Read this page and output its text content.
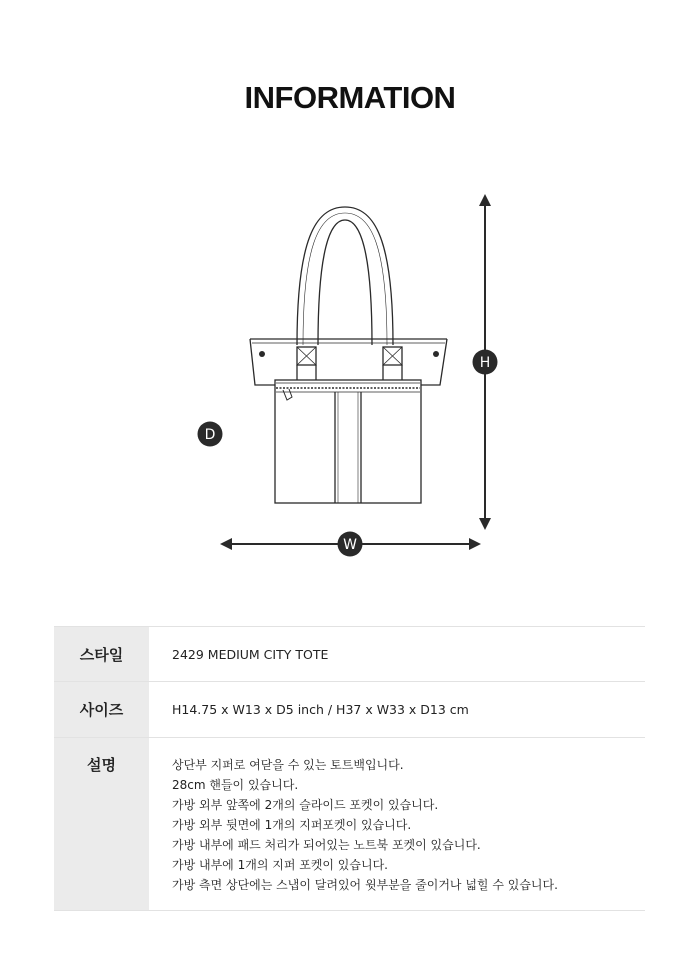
INFORMATION
H
W
D
스타일	2429 MEDIUM CITY TOTE
사이즈	H14.75 x W13 x D5 inch / H37 x W33 x D13 cm
설명	상단부 지퍼로 여닫을 수 있는 토트백입니다.
28cm 핸들이 있습니다.
가방 외부 앞쪽에 2개의 슬라이드 포켓이 있습니다.
가방 외부 뒷면에 1개의 지퍼포켓이 있습니다.
가방 내부에 패드 처리가 되어있는 노트북 포켓이 있습니다.
가방 내부에 1개의 지퍼 포켓이 있습니다.
가방 측면 상단에는 스냅이 달려있어 윗부분을 줄이거나 넓힐 수 있습니다.
